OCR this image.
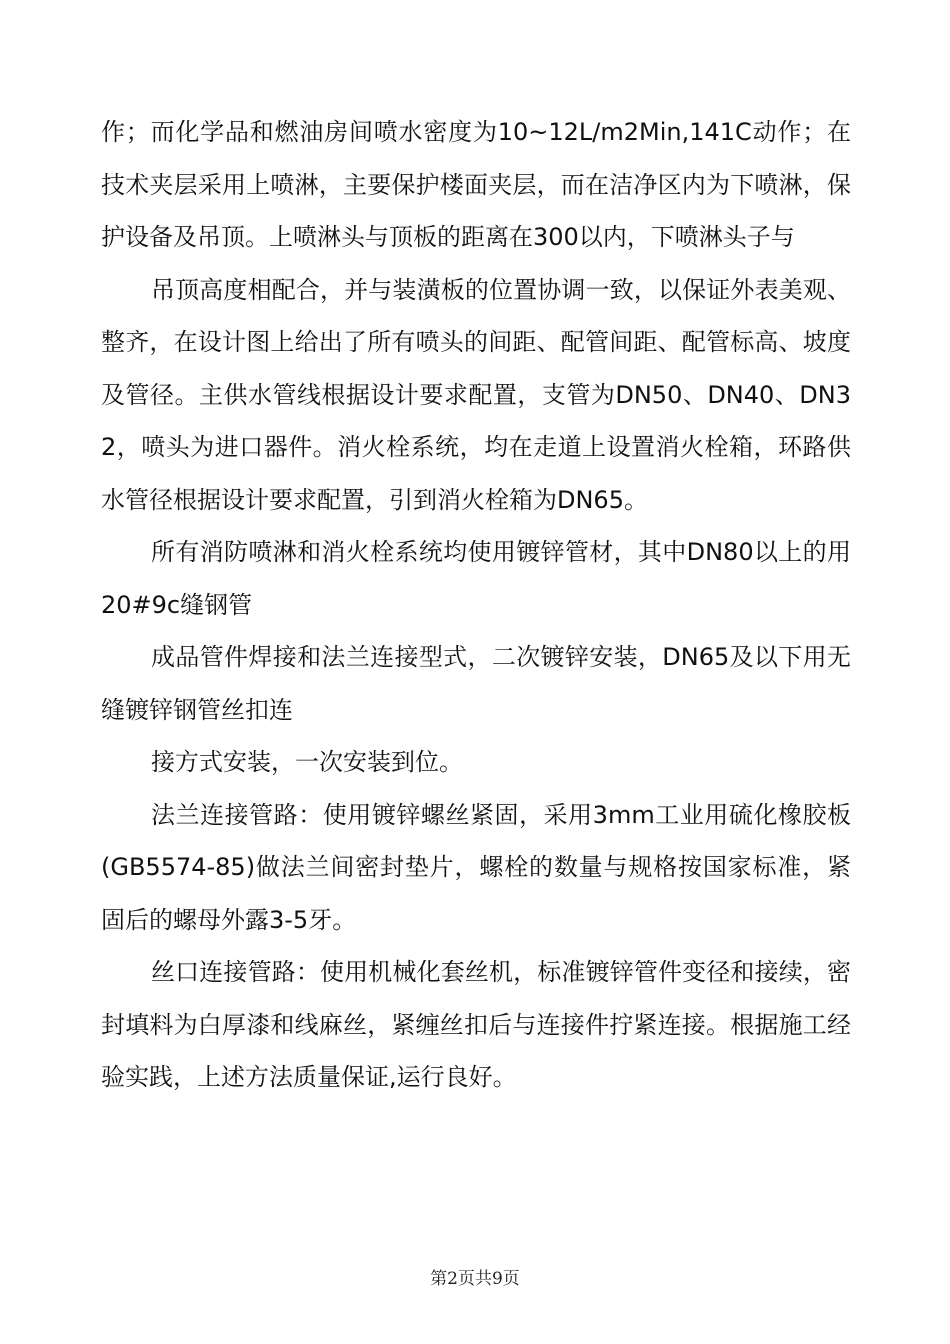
作；而化学品和燃油房间喷水密度为10~12L/m2Min,141C动作；在技术夹层采用上喷淋，主要保护楼面夹层，而在洁净区内为下喷淋，保护设备及吊顶。上喷淋头与顶板的距离在300以内，下喷淋头子与

吊顶高度相配合，并与装潢板的位置协调一致，以保证外表美观、整齐，在设计图上给出了所有喷头的间距、配管间距、配管标高、坡度及管径。主供水管线根据设计要求配置，支管为DN50、DN40、DN32，喷头为进口器件。消火栓系统，均在走道上设置消火栓箱，环路供水管径根据设计要求配置，引到消火栓箱为DN65。

所有消防喷淋和消火栓系统均使用镀锌管材，其中DN80以上的用20#9c缝钢管

成品管件焊接和法兰连接型式，二次镀锌安装，DN65及以下用无缝镀锌钢管丝扣连

接方式安装，一次安装到位。

法兰连接管路：使用镀锌螺丝紧固，采用3mm工业用硫化橡胶板(GB5574-85)做法兰间密封垫片，螺栓的数量与规格按国家标准，紧固后的螺母外露3-5牙。

丝口连接管路：使用机械化套丝机，标准镀锌管件变径和接续，密封填料为白厚漆和线麻丝，紧缠丝扣后与连接件拧紧连接。根据施工经验实践，上述方法质量保证,运行良好。

第2页共9页
